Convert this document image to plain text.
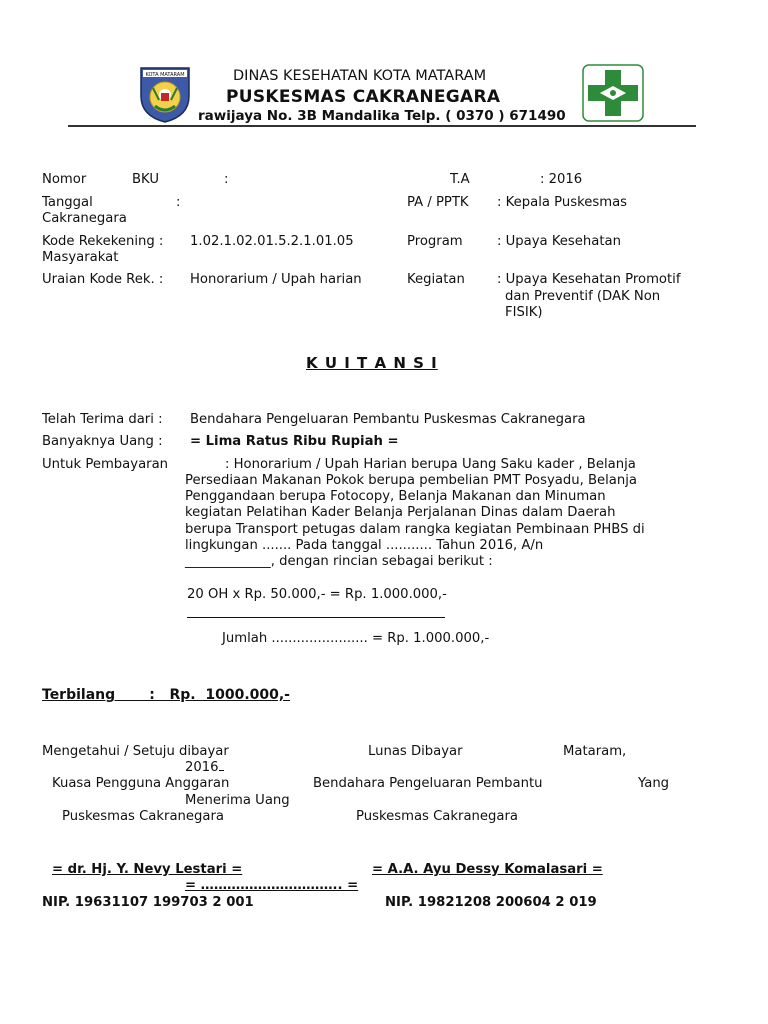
KOTA MATARAM	DINAS KESEHATAN KOTA MATARAM
PUSKESMAS CAKRANEGARA
rawijaya No. 3B Mandalika Telp. ( 0370 ) 671490
Nomor	BKU	:	T.A	: 2016
Tanggal	:	PA / PPTK : Kepala Puskesmas
Cakranegara
Kode Rekekening : 1.02.1.02.01.5.2.1.01.05	Program	: Upaya Kesehatan
Masyarakat
Uraian Kode Rek. : Honorarium / Upah harian	Kegiatan : Upaya Kesehatan Promotif
dan Preventif (DAK Non
FISIK)
K U I T A N S I
Telah Terima dari : Bendahara Pengeluaran Pembantu Puskesmas Cakranegara
Banyaknya Uang : = Lima Ratus Ribu Rupiah =
Untuk Pembayaran	: Honorarium / Upah Harian berupa Uang Saku kader , Belanja
Persediaan Makanan Pokok berupa pembelian PMT Posyadu, Belanja
Penggandaan berupa Fotocopy, Belanja Makanan dan Minuman
kegiatan Pelatihan Kader Belanja Perjalanan Dinas dalam Daerah
berupa Transport petugas dalam rangka kegiatan Pembinaan PHBS di
lingkungan ....... Pada tanggal ........... Tahun 2016, A/n
_____________, dengan rincian sebagai berikut :
20 OH x Rp. 50.000,- = Rp. 1.000.000,-
Jumlah ....................... = Rp. 1.000.000,-
Terbilang       :   Rp.  1000.000,-
Mengetahui / Setuju dibayar	Lunas Dibayar	Mataram,
2016
Kuasa Pengguna Anggaran	Bendahara Pengeluaran Pembantu	Yang
Menerima Uang
Puskesmas Cakranegara	Puskesmas Cakranegara
= dr. Hj. Y. Nevy Lestari =	= A.A. Ayu Dessy Komalasari =
= ………………………….. =
NIP. 19631107 199703 2 001	NIP. 19821208 200604 2 019
